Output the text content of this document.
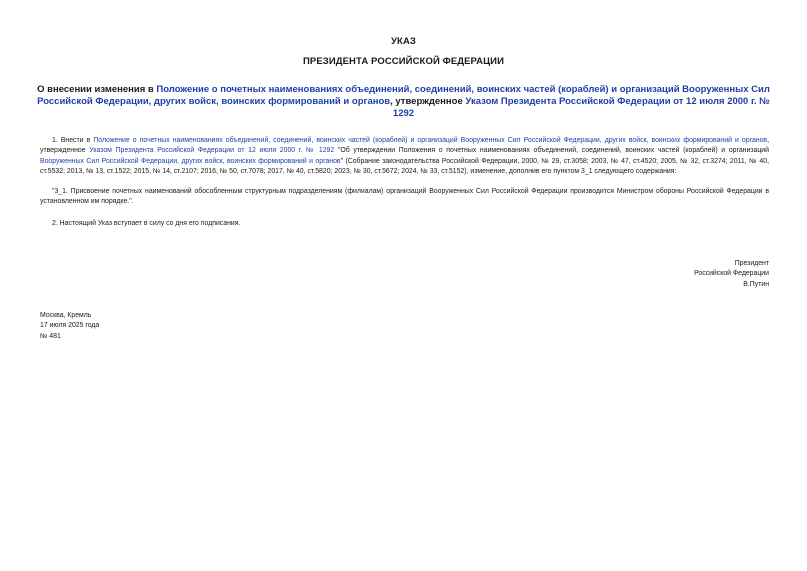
УКАЗ
ПРЕЗИДЕНТА РОССИЙСКОЙ ФЕДЕРАЦИИ
О внесении изменения в Положение о почетных наименованиях объединений, соединений, воинских частей (кораблей) и организаций Вооруженных Сил Российской Федерации, других войск, воинских формирований и органов, утвержденное Указом Президента Российской Федерации от 12 июля 2000 г. № 1292
1. Внести в Положение о почетных наименованиях объединений, соединений, воинских частей (кораблей) и организаций Вооруженных Сил Российской Федерации, других войск, воинских формирований и органов, утвержденное Указом Президента Российской Федерации от 12 июля 2000 г. № 1292 "Об утверждении Положения о почетных наименованиях объединений, соединений, воинских частей (кораблей) и организаций Вооруженных Сил Российской Федерации, других войск, воинских формирований и органов" (Собрание законодательства Российской Федерации, 2000, № 29, ст.3058; 2003, № 47, ст.4520; 2005, № 32, ст.3274; 2011, № 40, ст.5532; 2013, № 13, ст.1522; 2015, № 14, ст.2107; 2016, № 50, ст.7078; 2017, № 40, ст.5820; 2023, № 30, ст.5672; 2024, № 33, ст.5152), изменение, дополнив его пунктом 3_1 следующего содержания:
"3_1. Присвоение почетных наименований обособленным структурным подразделениям (филиалам) организаций Вооруженных Сил Российской Федерации производится Министром обороны Российской Федерации в установленном им порядке.".
2. Настоящий Указ вступает в силу со дня его подписания.
Президент
Российской Федерации
В.Путин
Москва, Кремль
17 июля 2025 года
№ 481
